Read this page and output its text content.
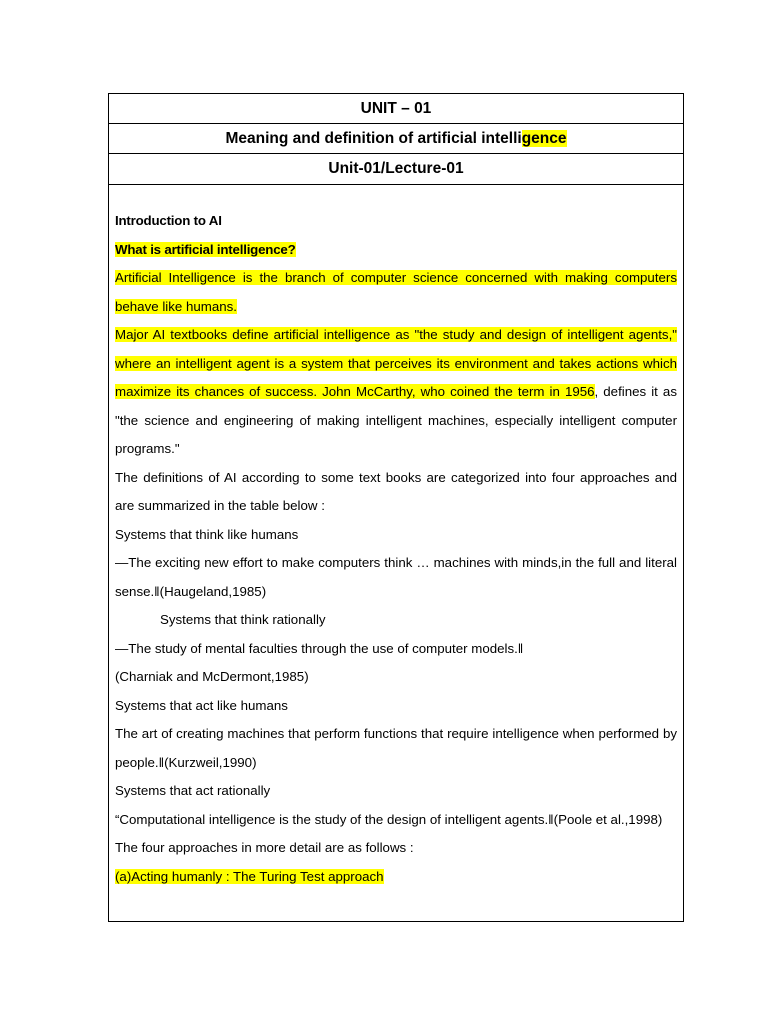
UNIT – 01
Meaning and definition of artificial intelligence
Unit-01/Lecture-01

Introduction to AI

What is artificial intelligence?

Artificial Intelligence is the branch of computer science concerned with making computers behave like humans.

Major AI textbooks define artificial intelligence as "the study and design of intelligent agents," where an intelligent agent is a system that perceives its environment and takes actions which maximize its chances of success. John McCarthy, who coined the term in 1956, defines it as "the science and engineering of making intelligent machines, especially intelligent computer programs."

The definitions of AI according to some text books are categorized into four approaches and are summarized in the table below :

Systems that think like humans

―The exciting new effort to make computers think … machines with minds,in the full and literal sense.‖(Haugeland,1985)

Systems that think rationally

―The study of mental faculties through the use of computer models.‖

(Charniak and McDermont,1985)

Systems that act like humans

The art of creating machines that perform functions that require intelligence when performed by people.‖(Kurzweil,1990)

Systems that act rationally

“Computational intelligence is the study of the design of intelligent agents.‖(Poole et al.,1998)

The four approaches in more detail are as follows :

(a)Acting humanly : The Turing Test approach
